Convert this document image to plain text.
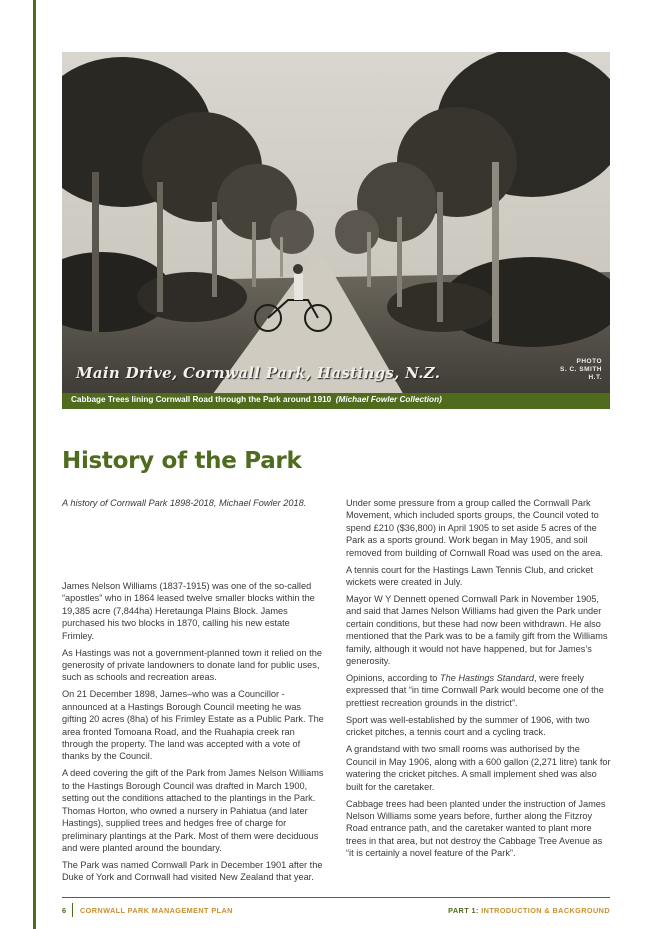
Main Drive, Cornwall Park, Hastings, N.Z.
PHOTO
S. C. SMITH
H.T.
Cabbage Trees lining Cornwall Road through the Park around 1910 (Michael Fowler Collection)
History of the Park

A history of Cornwall Park 1898-2018, Michael Fowler 2018.

James Nelson Williams (1837-1915) was one of the so-called “apostles” who in 1864 leased twelve smaller blocks within the 19,385 acre (7,844ha) Heretaunga Plains Block. James purchased his two blocks in 1870, calling his new estate Frimley.

As Hastings was not a government-planned town it relied on the generosity of private landowners to donate land for public uses, such as schools and recreation areas.

On 21 December 1898, James–who was a Councillor - announced at a Hastings Borough Council meeting he was gifting 20 acres (8ha) of his Frimley Estate as a Public Park. The area fronted Tomoana Road, and the Ruahapia creek ran through the property. The land was accepted with a vote of thanks by the Council.

A deed covering the gift of the Park from James Nelson Williams to the Hastings Borough Council was drafted in March 1900, setting out the conditions attached to the plantings in the Park. Thomas Horton, who owned a nursery in Pahiatua (and later Hastings), supplied trees and hedges free of charge for preliminary plantings at the Park. Most of them were deciduous and were planted around the boundary.

The Park was named Cornwall Park in December 1901 after the Duke of York and Cornwall had visited New Zealand that year.

Under some pressure from a group called the Cornwall Park Movement, which included sports groups, the Council voted to spend £210 ($36,800) in April 1905 to set aside 5 acres of the Park as a sports ground. Work began in May 1905, and soil removed from building of Cornwall Road was used on the area.

A tennis court for the Hastings Lawn Tennis Club, and cricket wickets were created in July.

Mayor W Y Dennett opened Cornwall Park in November 1905, and said that James Nelson Williams had given the Park under certain conditions, but these had now been withdrawn. He also mentioned that the Park was to be a family gift from the Williams family, although it would not have happened, but for James’s generosity.

Opinions, according to The Hastings Standard, were freely expressed that “in time Cornwall Park would become one of the prettiest recreation grounds in the district”.

Sport was well-established by the summer of 1906, with two cricket pitches, a tennis court and a cycling track.

A grandstand with two small rooms was authorised by the Council in May 1906, along with a 600 gallon (2,271 litre) tank for watering the cricket pitches. A small implement shed was also built for the caretaker.

Cabbage trees had been planted under the instruction of James Nelson Williams some years before, further along the Fitzroy Road entrance path, and the caretaker wanted to plant more trees in that area, but not destroy the Cabbage Tree Avenue as “it is certainly a novel feature of the Park”.

6 CORNWALL PARK MANAGEMENT PLAN	PART 1: INTRODUCTION & BACKGROUND
